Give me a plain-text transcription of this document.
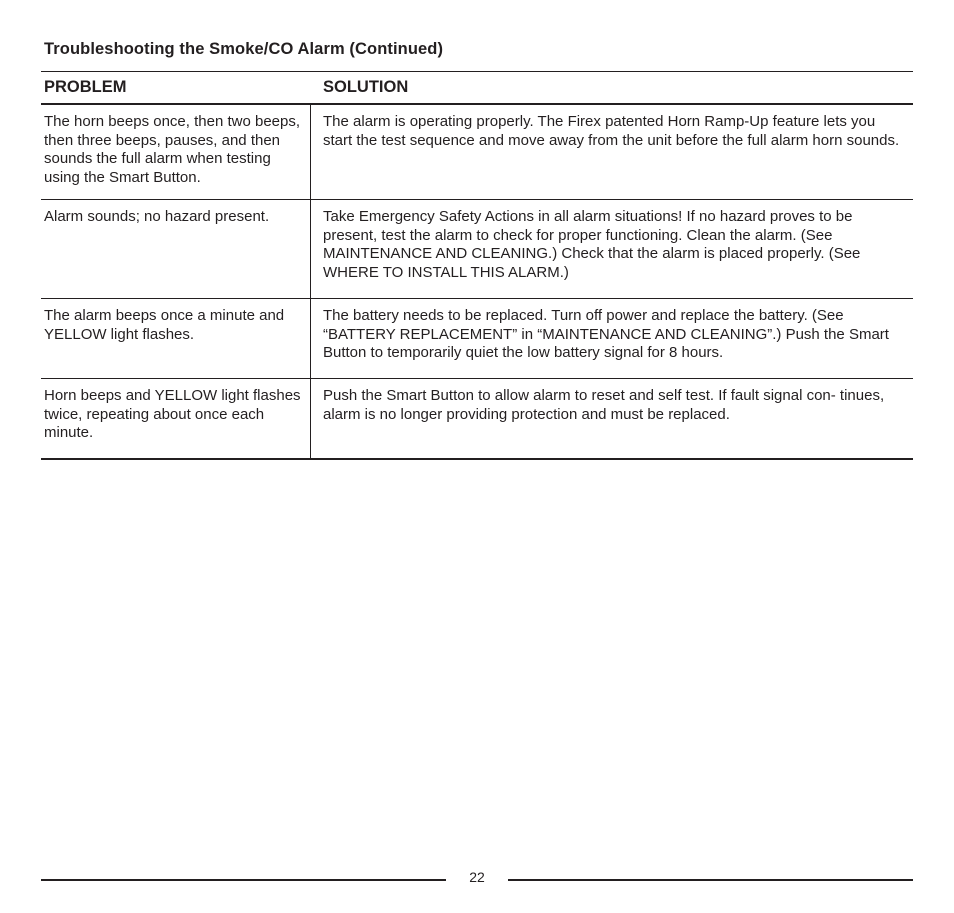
Troubleshooting the Smoke/CO Alarm (Continued)
PROBLEM	SOLUTION
The horn beeps once, then two beeps, then three beeps, pauses, and then sounds the full alarm when testing using the Smart Button.
The alarm is operating properly. The Firex patented Horn Ramp-Up feature lets you start the test sequence and move away from the unit before the full alarm horn sounds.
Alarm sounds; no hazard present.	Take Emergency Safety Actions in all alarm situations! If no hazard proves to be present, test the alarm to check for proper functioning. Clean the alarm. (See MAINTENANCE AND CLEANING.) Check that the alarm is placed properly. (See WHERE TO INSTALL THIS ALARM.)
The alarm beeps once a minute and YELLOW light flashes.
The battery needs to be replaced. Turn off power and replace the battery. (See “BATTERY REPLACEMENT” in “MAINTENANCE AND CLEANING”.) Push the Smart Button to temporarily quiet the low battery signal for 8 hours.
Horn beeps and YELLOW light flashes twice, repeating about once each minute.
Push the Smart Button to allow alarm to reset and self test. If fault signal con- tinues, alarm is no longer providing protection and must be replaced.
22
